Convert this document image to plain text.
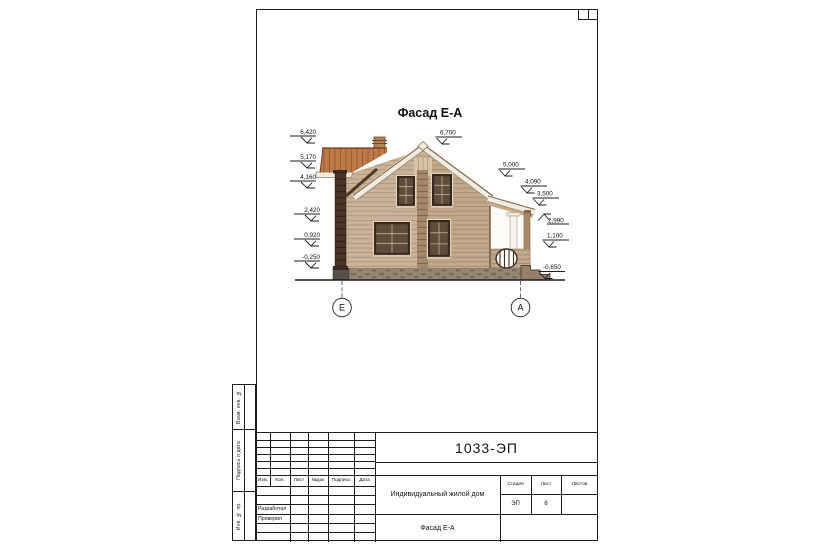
Взам. инв. №
Подпись и дата
Инв. № пр.
Фасад Е-А
Е	А
6,420
5,170
4,160
2,420
0,920
-0,250
6,700
5,000
4,090
3,500
2,990
1,100
-0,650
Изм.	Кол.	Лист	№док	Подпись	Дата
Разработал
Проверил
1033-ЭП
Индивидуальный жилой дом
Фасад Е-А
Стадия	Лист	Листов
ЭП	6
